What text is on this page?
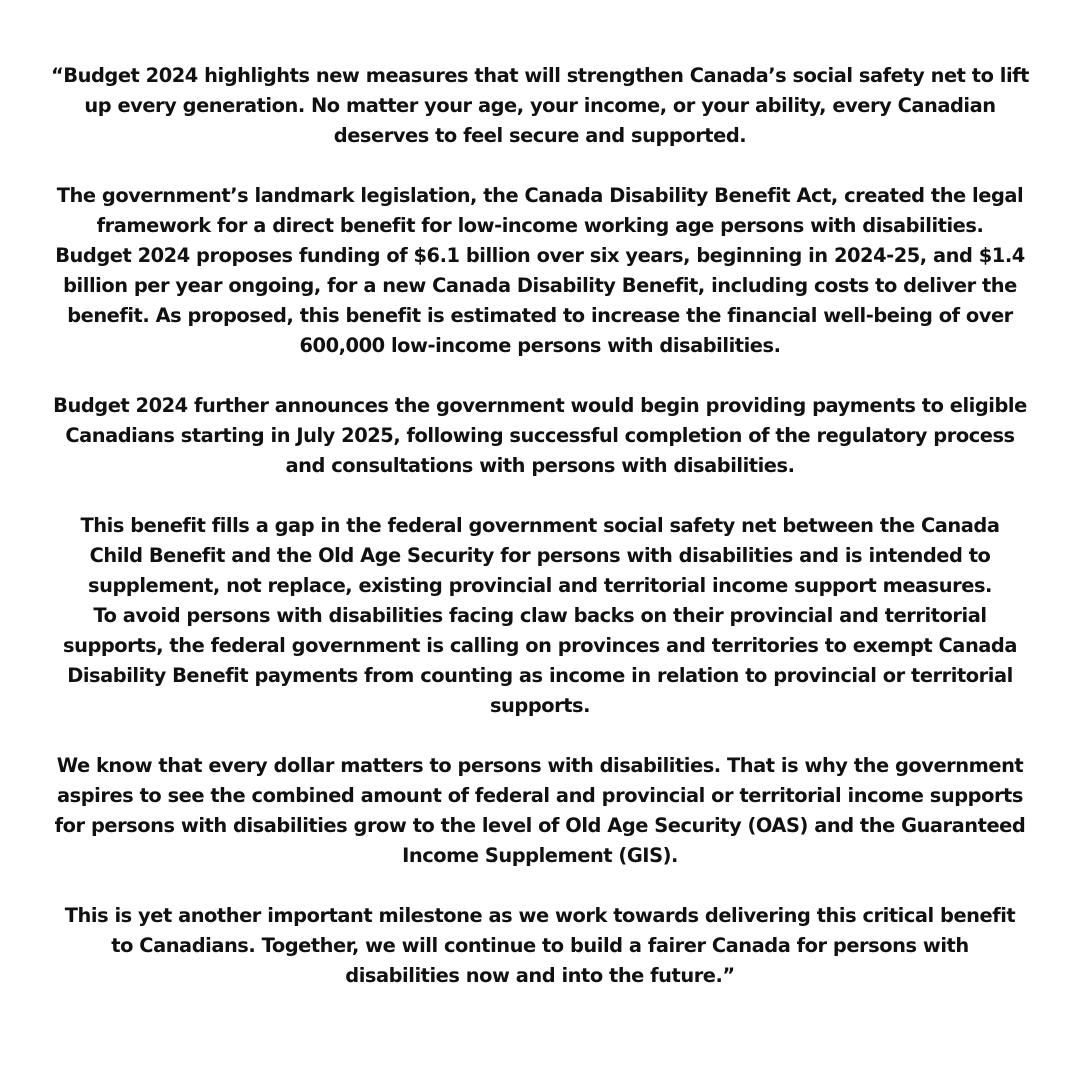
“Budget 2024 highlights new measures that will strengthen Canada’s social safety net to lift
up every generation. No matter your age, your income, or your ability, every Canadian
deserves to feel secure and supported.

The government’s landmark legislation, the Canada Disability Benefit Act, created the legal
framework for a direct benefit for low-income working age persons with disabilities.
Budget 2024 proposes funding of $6.1 billion over six years, beginning in 2024-25, and $1.4
billion per year ongoing, for a new Canada Disability Benefit, including costs to deliver the
benefit. As proposed, this benefit is estimated to increase the financial well-being of over
600,000 low-income persons with disabilities.

Budget 2024 further announces the government would begin providing payments to eligible
Canadians starting in July 2025, following successful completion of the regulatory process
and consultations with persons with disabilities.

This benefit fills a gap in the federal government social safety net between the Canada
Child Benefit and the Old Age Security for persons with disabilities and is intended to
supplement, not replace, existing provincial and territorial income support measures.
To avoid persons with disabilities facing claw backs on their provincial and territorial
supports, the federal government is calling on provinces and territories to exempt Canada
Disability Benefit payments from counting as income in relation to provincial or territorial
supports.

We know that every dollar matters to persons with disabilities. That is why the government
aspires to see the combined amount of federal and provincial or territorial income supports
for persons with disabilities grow to the level of Old Age Security (OAS) and the Guaranteed
Income Supplement (GIS).

This is yet another important milestone as we work towards delivering this critical benefit
to Canadians. Together, we will continue to build a fairer Canada for persons with
disabilities now and into the future.”
